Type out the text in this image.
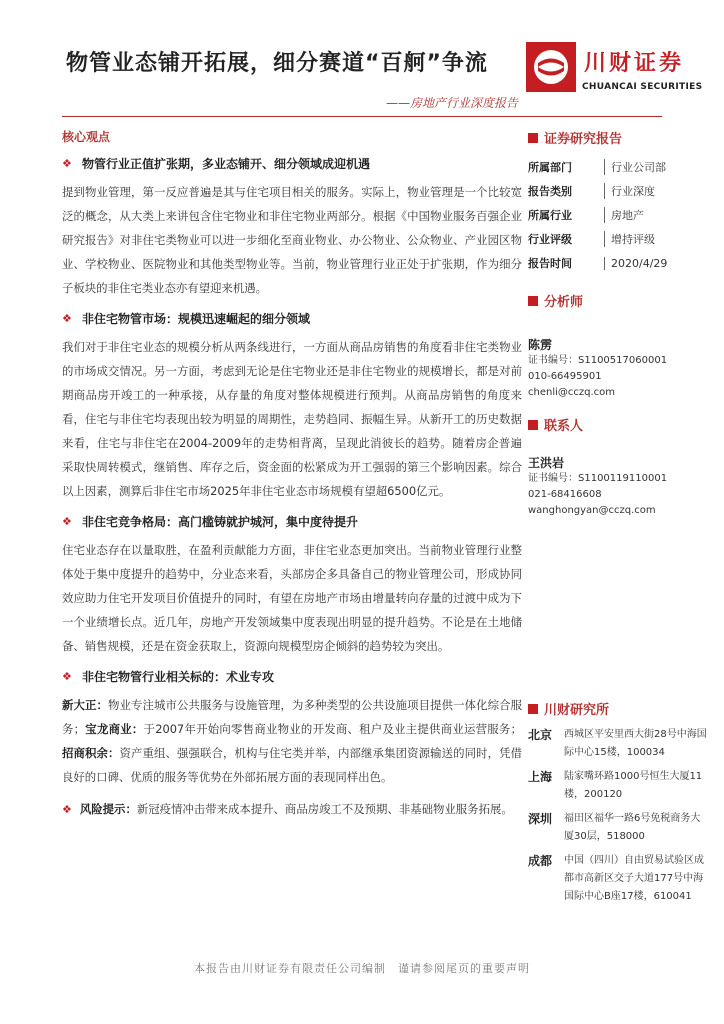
物管业态铺开拓展，细分赛道“百舸”争流
——房地产行业深度报告
川财证券
CHUANCAI SECURITIES
核心观点
❖ 物管行业正值扩张期，多业态铺开、细分领域成迎机遇
提到物业管理，第一反应普遍是其与住宅项目相关的服务。实际上，物业管理是一个比较宽泛的概念，从大类上来讲包含住宅物业和非住宅物业两部分。根据《中国物业服务百强企业研究报告》对非住宅类物业可以进一步细化至商业物业、办公物业、公众物业、产业园区物业、学校物业、医院物业和其他类型物业等。当前，物业管理行业正处于扩张期，作为细分子板块的非住宅类业态亦有望迎来机遇。
❖ 非住宅物管市场：规模迅速崛起的细分领域
我们对于非住宅业态的规模分析从两条线进行，一方面从商品房销售的角度看非住宅类物业的市场成交情况。另一方面，考虑到无论是住宅物业还是非住宅物业的规模增长，都是对前期商品房开竣工的一种承接，从存量的角度对整体规模进行预判。从商品房销售的角度来看，住宅与非住宅均表现出较为明显的周期性，走势趋同、振幅生异。从新开工的历史数据来看，住宅与非住宅在2004-2009年的走势相背离，呈现此消彼长的趋势。随着房企普遍采取快周转模式，继销售、库存之后，资金面的松紧成为开工强弱的第三个影响因素。综合以上因素，测算后非住宅市场2025年非住宅业态市场规模有望超6500亿元。
❖ 非住宅竞争格局：高门槛铸就护城河，集中度待提升
住宅业态存在以量取胜，在盈利贡献能力方面，非住宅业态更加突出。当前物业管理行业整体处于集中度提升的趋势中，分业态来看，头部房企多具备自己的物业管理公司，形成协同效应助力住宅开发项目价值提升的同时，有望在房地产市场由增量转向存量的过渡中成为下一个业绩增长点。近几年，房地产开发领域集中度表现出明显的提升趋势。不论是在土地储备、销售规模，还是在资金获取上，资源向规模型房企倾斜的趋势较为突出。
❖ 非住宅物管行业相关标的：术业专攻
新大正：物业专注城市公共服务与设施管理，为多种类型的公共设施项目提供一体化综合服务；宝龙商业：于2007年开始向零售商业物业的开发商、租户及业主提供商业运营服务；招商积余：资产重组、强强联合，机构与住宅类并举，内部继承集团资源输送的同时，凭借良好的口碑、优质的服务等优势在外部拓展方面的表现同样出色。
❖ 风险提示：新冠疫情冲击带来成本提升、商品房竣工不及预期、非基础物业服务拓展。
证券研究报告
所属部门	行业公司部
报告类别	行业深度
所属行业	房地产
行业评级	增持评级
报告时间	2020/4/29
分析师
陈雳
证书编号：S1100517060001
010-66495901
chenli@cczq.com
联系人
王洪岩
证书编号：S1100119110001
021-68416608
wanghongyan@cczq.com
川财研究所
北京	西城区平安里西大街28号中海国际中心15楼，100034
上海	陆家嘴环路1000号恒生大厦11楼，200120
深圳	福田区福华一路6号免税商务大厦30层，518000
成都	中国（四川）自由贸易试验区成都市高新区交子大道177号中海国际中心B座17楼，610041
本报告由川财证券有限责任公司编制　谨请参阅尾页的重要声明
